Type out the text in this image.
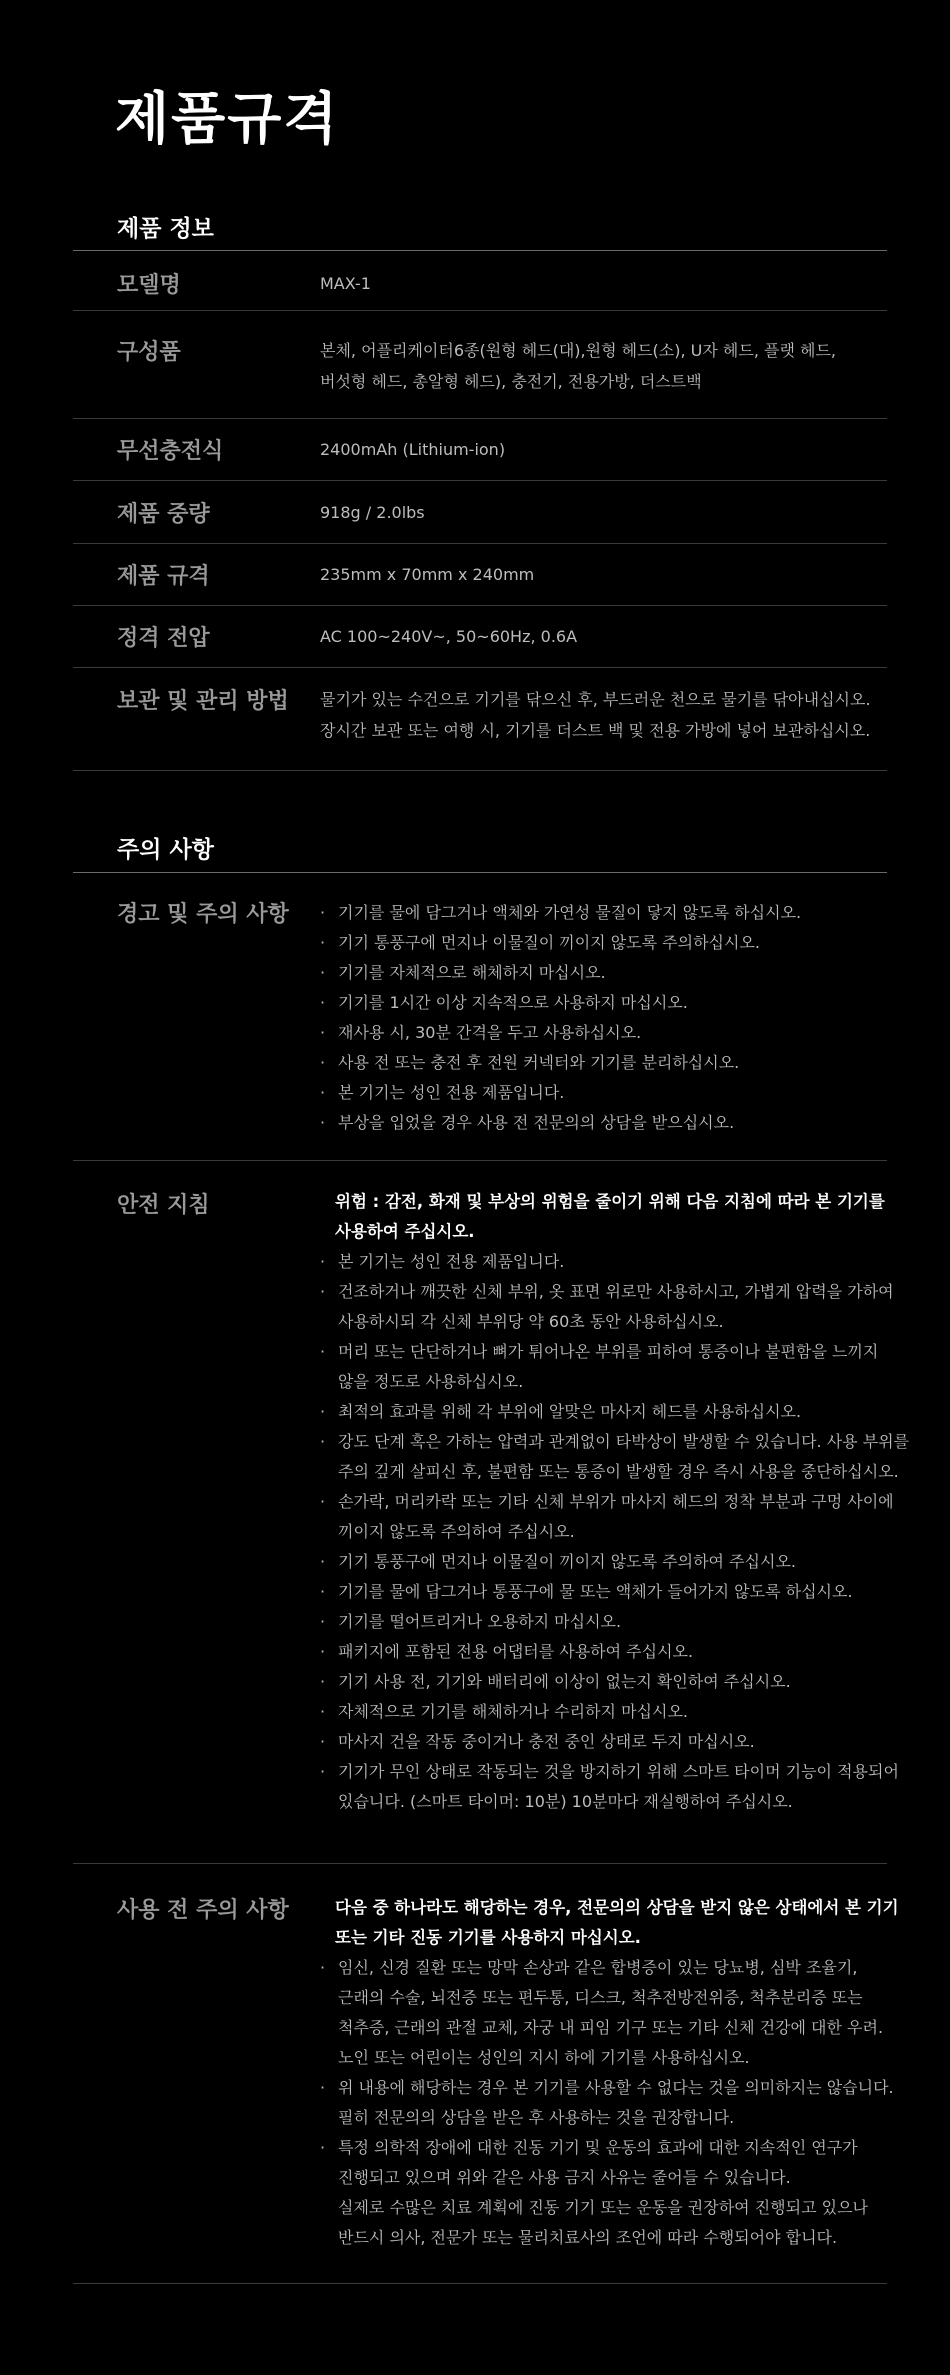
제품규격
제품 정보
모델명	MAX-1
구성품	본체, 어플리케이터6종(원형 헤드(대),원형 헤드(소), U자 헤드, 플랫 헤드,
버섯형 헤드, 총알형 헤드), 충전기, 전용가방, 더스트백
무선충전식	2400mAh (Lithium-ion)
제품 중량	918g / 2.0lbs
제품 규격	235mm x 70mm x 240mm
정격 전압	AC 100~240V~, 50~60Hz, 0.6A
보관 및 관리 방법 물기가 있는 수건으로 기기를 닦으신 후, 부드러운 천으로 물기를 닦아내십시오.
장시간 보관 또는 여행 시, 기기를 더스트 백 및 전용 가방에 넣어 보관하십시오.
주의 사항
경고 및 주의 사항
·	기기를 물에 담그거나 액체와 가연성 물질이 닿지 않도록 하십시오.
· 기기 통풍구에 먼지나 이물질이 끼이지 않도록 주의하십시오.
· 기기를 자체적으로 해체하지 마십시오.
· 기기를 1시간 이상 지속적으로 사용하지 마십시오.
· 재사용 시, 30분 간격을 두고 사용하십시오.
· 사용 전 또는 충전 후 전원 커넥터와 기기를 분리하십시오.
· 본 기기는 성인 전용 제품입니다.
· 부상을 입었을 경우 사용 전 전문의의 상담을 받으십시오.
안전 지침	위험 : 감전, 화재 및 부상의 위험을 줄이기 위해 다음 지침에 따라 본 기기를
사용하여 주십시오.
· 본 기기는 성인 전용 제품입니다.
· 건조하거나 깨끗한 신체 부위, 옷 표면 위로만 사용하시고, 가볍게 압력을 가하여
사용하시되 각 신체 부위당 약 60초 동안 사용하십시오.
· 머리 또는 단단하거나 뼈가 튀어나온 부위를 피하여 통증이나 불편함을 느끼지
않을 정도로 사용하십시오.
· 최적의 효과를 위해 각 부위에 알맞은 마사지 헤드를 사용하십시오.
· 강도 단계 혹은 가하는 압력과 관계없이 타박상이 발생할 수 있습니다. 사용 부위를
주의 깊게 살피신 후, 불편함 또는 통증이 발생할 경우 즉시 사용을 중단하십시오.
· 손가락, 머리카락 또는 기타 신체 부위가 마사지 헤드의 정착 부분과 구멍 사이에
끼이지 않도록 주의하여 주십시오.
· 기기 통풍구에 먼지나 이물질이 끼이지 않도록 주의하여 주십시오.
· 기기를 물에 담그거나 통풍구에 물 또는 액체가 들어가지 않도록 하십시오.
· 기기를 떨어트리거나 오용하지 마십시오.
· 패키지에 포함된 전용 어댑터를 사용하여 주십시오.
· 기기 사용 전, 기기와 배터리에 이상이 없는지 확인하여 주십시오.
· 자체적으로 기기를 해체하거나 수리하지 마십시오.
· 마사지 건을 작동 중이거나 충전 중인 상태로 두지 마십시오.
· 기기가 무인 상태로 작동되는 것을 방지하기 위해 스마트 타이머 기능이 적용되어
있습니다. (스마트 타이머: 10분) 10분마다 재실행하여 주십시오.
사용 전 주의 사항	다음 중 하나라도 해당하는 경우, 전문의의 상담을 받지 않은 상태에서 본 기기
또는 기타 진동 기기를 사용하지 마십시오.
· 임신, 신경 질환 또는 망막 손상과 같은 합병증이 있는 당뇨병, 심박 조율기,
근래의 수술, 뇌전증 또는 편두통, 디스크, 척추전방전위증, 척추분리증 또는
척추증, 근래의 관절 교체, 자궁 내 피임 기구 또는 기타 신체 건강에 대한 우려.
노인 또는 어린이는 성인의 지시 하에 기기를 사용하십시오.
· 위 내용에 해당하는 경우 본 기기를 사용할 수 없다는 것을 의미하지는 않습니다.
필히 전문의의 상담을 받은 후 사용하는 것을 권장합니다.
· 특정 의학적 장애에 대한 진동 기기 및 운동의 효과에 대한 지속적인 연구가
진행되고 있으며 위와 같은 사용 금지 사유는 줄어들 수 있습니다.
실제로 수많은 치료 계획에 진동 기기 또는 운동을 권장하여 진행되고 있으나
반드시 의사, 전문가 또는 물리치료사의 조언에 따라 수행되어야 합니다.
